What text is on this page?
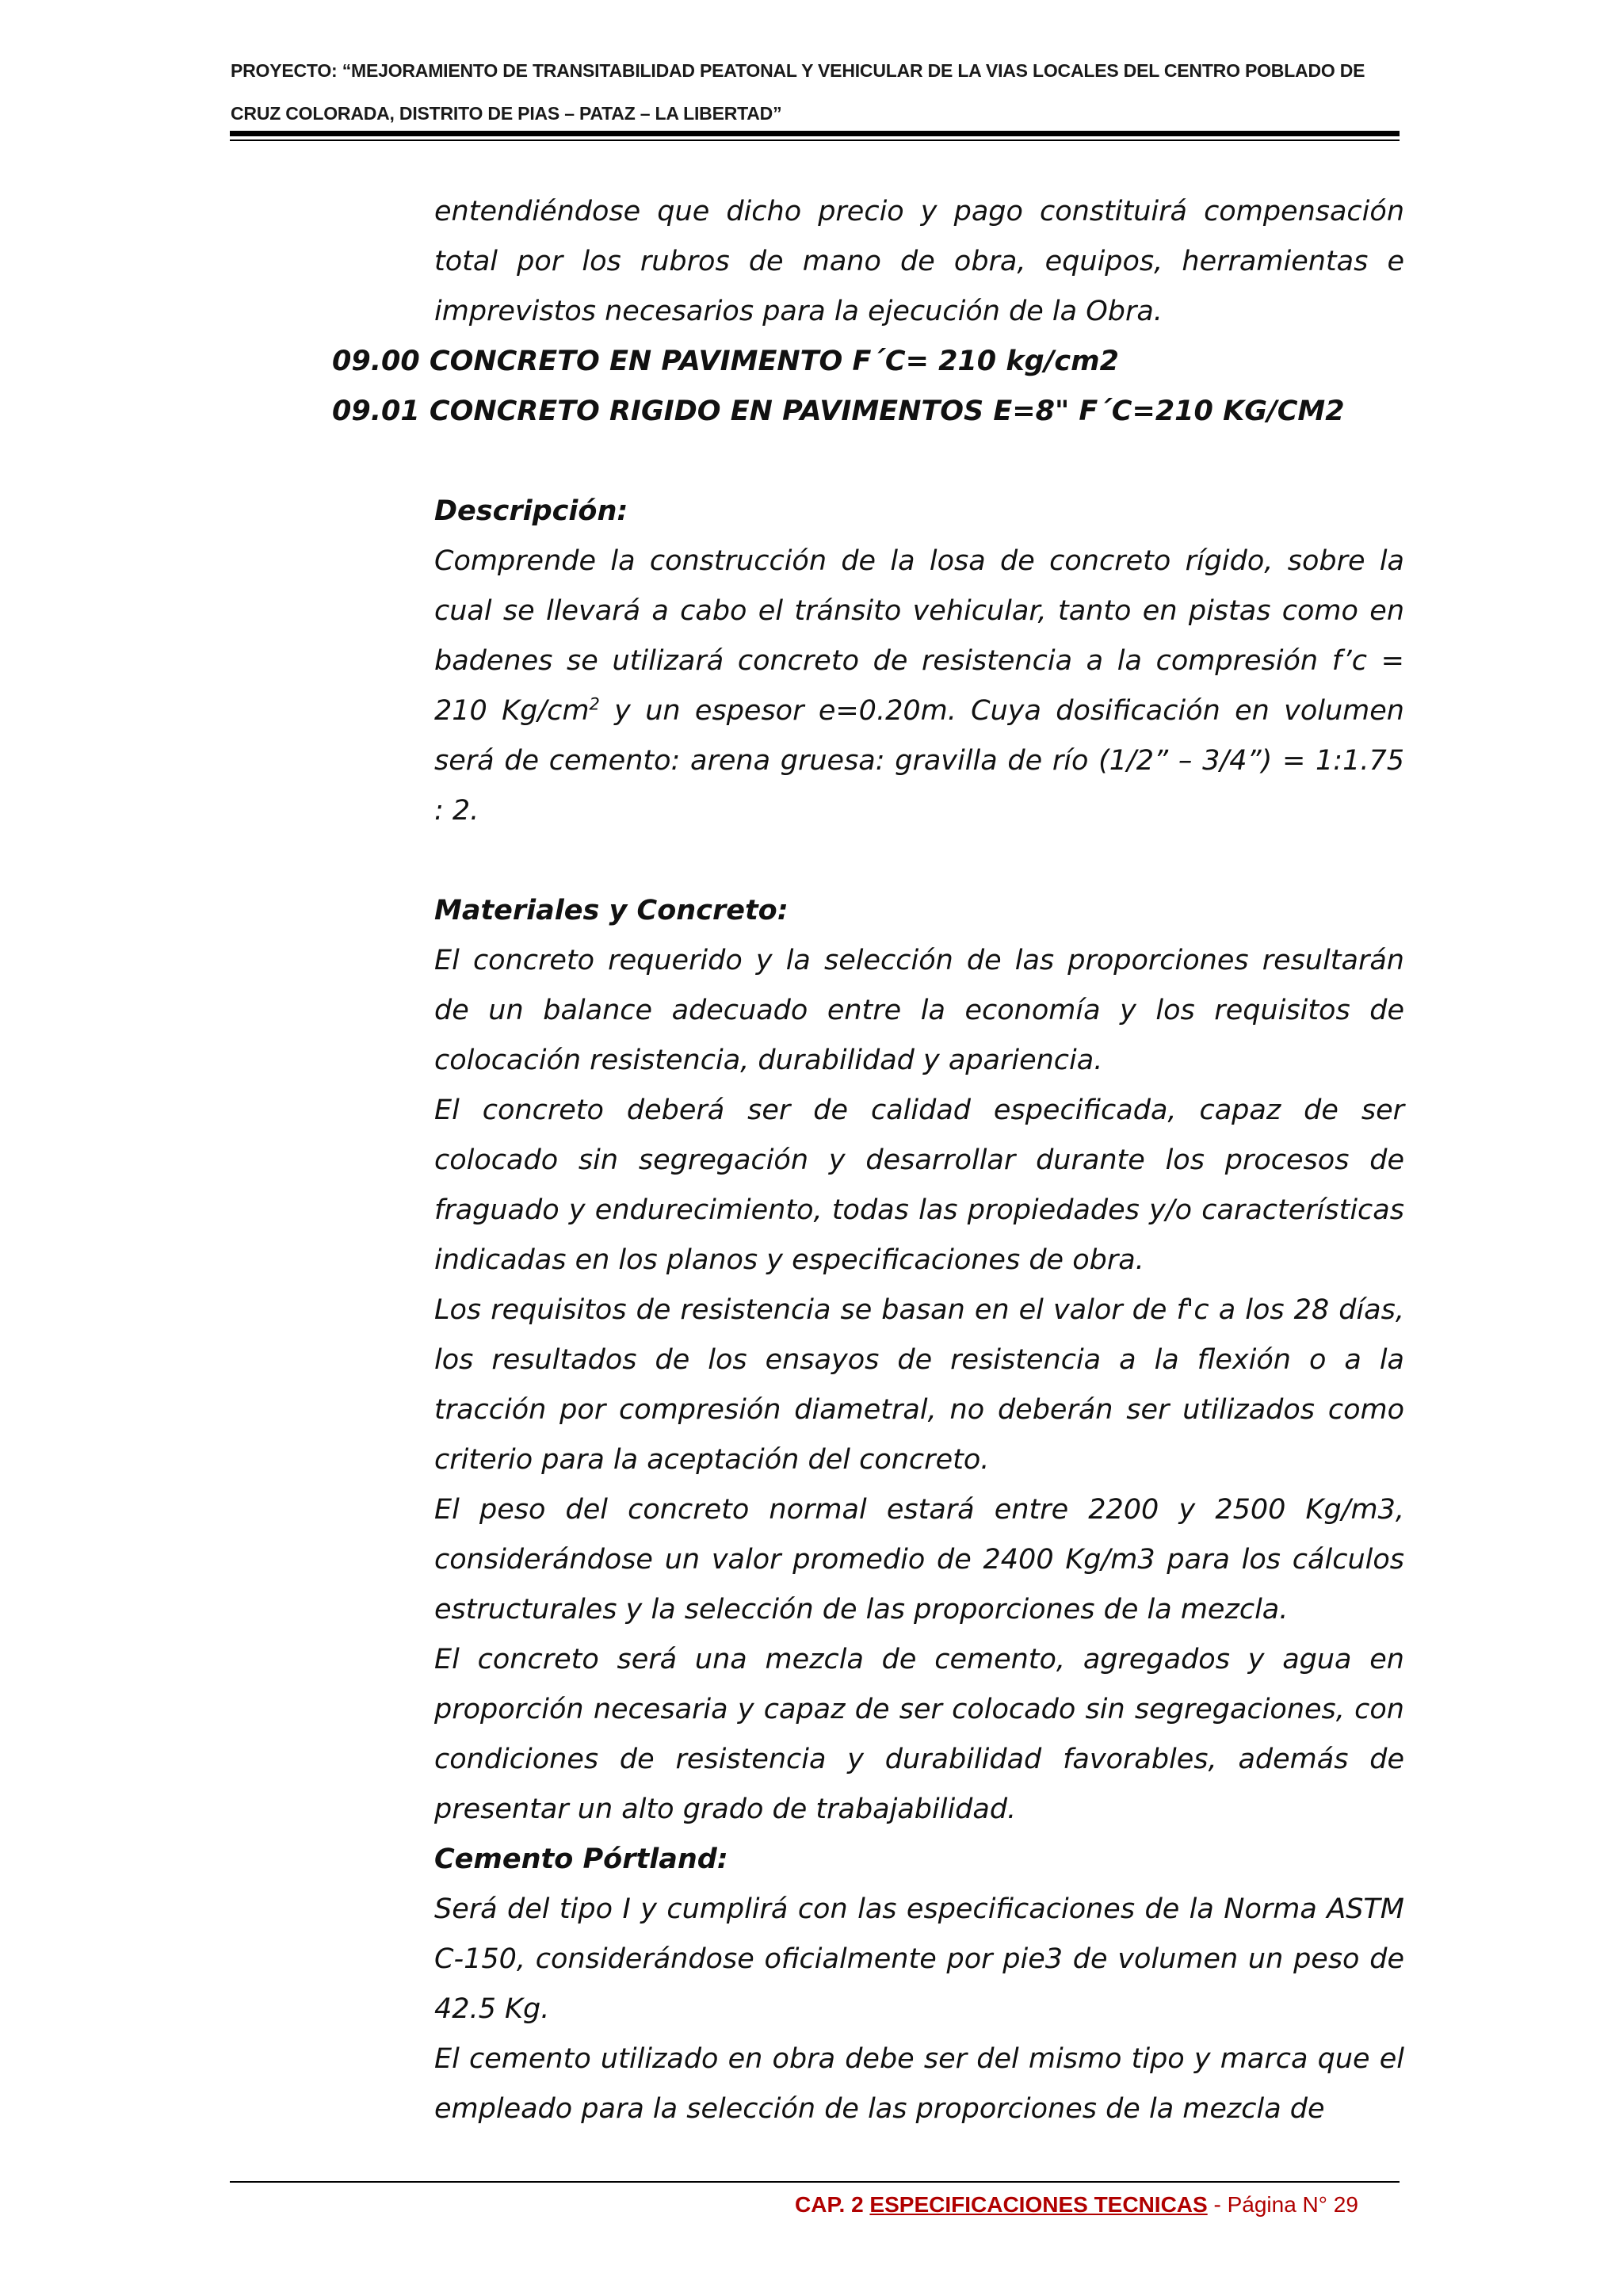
PROYECTO: “MEJORAMIENTO DE TRANSITABILIDAD PEATONAL Y VEHICULAR DE LA VIAS LOCALES DEL CENTRO POBLADO DE
CRUZ COLORADA, DISTRITO DE PIAS – PATAZ – LA LIBERTAD”
entendiéndose que dicho precio y pago constituirá compensación total por los rubros de mano de obra, equipos, herramientas e imprevistos necesarios para la ejecución de la Obra.
09.00 CONCRETO EN PAVIMENTO F´C= 210 kg/cm2
09.01 CONCRETO RIGIDO EN PAVIMENTOS E=8" F´C=210 KG/CM2
Descripción:
Comprende la construcción de la losa de concreto rígido, sobre la cual se llevará a cabo el tránsito vehicular, tanto en pistas como en badenes se utilizará concreto de resistencia a la compresión f’c = 210 $Kg/cm^2$ y un espesor e=0.20m. Cuya dosificación en volumen será de cemento: arena gruesa: gravilla de río (1/2” – 3/4”) = 1:1.75 : 2.
Materiales y Concreto:
El concreto requerido y la selección de las proporciones resultarán de un balance adecuado entre la economía y los requisitos de colocación resistencia, durabilidad y apariencia.
El concreto deberá ser de calidad especificada, capaz de ser colocado sin segregación y desarrollar durante los procesos de fraguado y endurecimiento, todas las propiedades y/o características indicadas en los planos y especificaciones de obra.
Los requisitos de resistencia se basan en el valor de f'c a los 28 días, los resultados de los ensayos de resistencia a la flexión o a la tracción por compresión diametral, no deberán ser utilizados como criterio para la aceptación del concreto.
El peso del concreto normal estará entre 2200 y 2500 Kg/m3, considerándose un valor promedio de 2400 Kg/m3 para los cálculos estructurales y la selección de las proporciones de la mezcla.
El concreto será una mezcla de cemento, agregados y agua en proporción necesaria y capaz de ser colocado sin segregaciones, con condiciones de resistencia y durabilidad favorables, además de presentar un alto grado de trabajabilidad.
Cemento Pórtland:
Será del tipo I y cumplirá con las especificaciones de la Norma ASTM C-150, considerándose oficialmente por pie3 de volumen un peso de 42.5 Kg.
El cemento utilizado en obra debe ser del mismo tipo y marca que el empleado para la selección de las proporciones de la mezcla de
CAP. 2 ESPECIFICACIONES TECNICAS - Página N° 29
